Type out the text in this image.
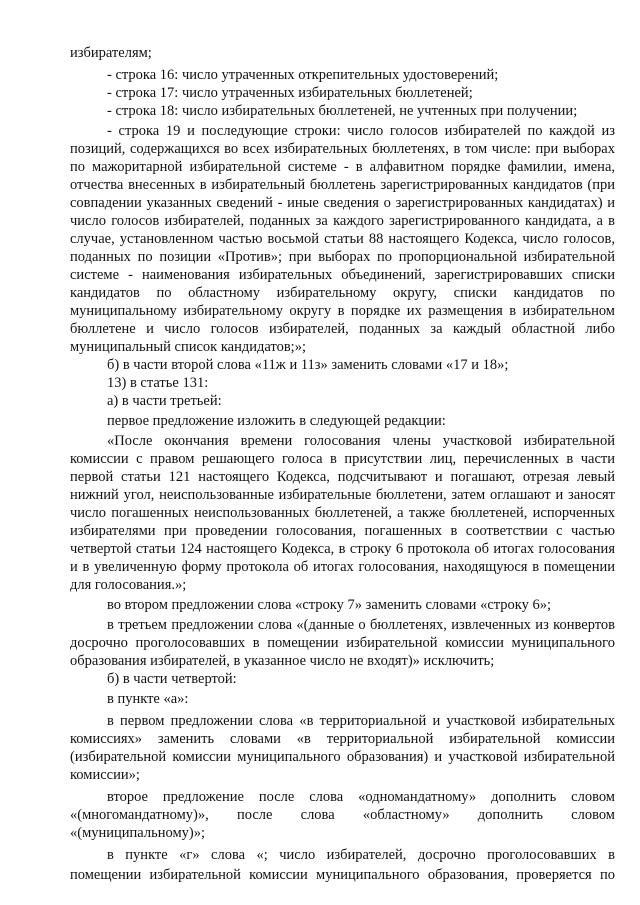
избирателям;
- строка 16: число утраченных открепительных удостоверений;
- строка 17: число утраченных избирательных бюллетеней;
- строка 18: число избирательных бюллетеней, не учтенных при получении;
- строка 19 и последующие строки: число голосов избирателей по каждой из
позиций, содержащихся во всех избирательных бюллетенях, в том числе: при выборах
по мажоритарной избирательной системе - в алфавитном порядке фамилии, имена,
отчества внесенных в избирательный бюллетень зарегистрированных кандидатов (при
совпадении указанных сведений - иные сведения о зарегистрированных кандидатах) и
число голосов избирателей, поданных за каждого зарегистрированного кандидата, а в
случае, установленном частью восьмой статьи 88 настоящего Кодекса, число голосов,
поданных по позиции «Против»; при выборах по пропорциональной избирательной
системе - наименования избирательных объединений, зарегистрировавших списки
кандидатов по областному избирательному округу, списки кандидатов по
муниципальному избирательному округу в порядке их размещения в избирательном
бюллетене и число голосов избирателей, поданных за каждый областной либо
муниципальный список кандидатов;»;
б) в части второй слова «11ж и 11з» заменить словами «17 и 18»;
13) в статье 131:
а) в части третьей:
первое предложение изложить в следующей редакции:
«После окончания времени голосования члены участковой избирательной
комиссии с правом решающего голоса в присутствии лиц, перечисленных в части
первой статьи 121 настоящего Кодекса, подсчитывают и погашают, отрезая левый
нижний угол, неиспользованные избирательные бюллетени, затем оглашают и заносят
число погашенных неиспользованных бюллетеней, а также бюллетеней, испорченных
избирателями при проведении голосования, погашенных в соответствии с частью
четвертой статьи 124 настоящего Кодекса, в строку 6 протокола об итогах голосования
и в увеличенную форму протокола об итогах голосования, находящуюся в помещении
для голосования.»;
во втором предложении слова «строку 7» заменить словами «строку 6»;
в третьем предложении слова «(данные о бюллетенях, извлеченных из конвертов
досрочно проголосовавших в помещении избирательной комиссии муниципального
образования избирателей, в указанное число не входят)» исключить;
б) в части четвертой:
в пункте «а»:
в первом предложении слова «в территориальной и участковой избирательных
комиссиях» заменить словами «в территориальной избирательной комиссии
(избирательной комиссии муниципального образования) и участковой избирательной
комиссии»;
второе предложение после слова «одномандатному» дополнить словом
«(многомандатному)», после слова «областному» дополнить словом
«(муниципальному)»;
в пункте «г» слова «; число избирателей, досрочно проголосовавших в
помещении избирательной комиссии муниципального образования, проверяется по
